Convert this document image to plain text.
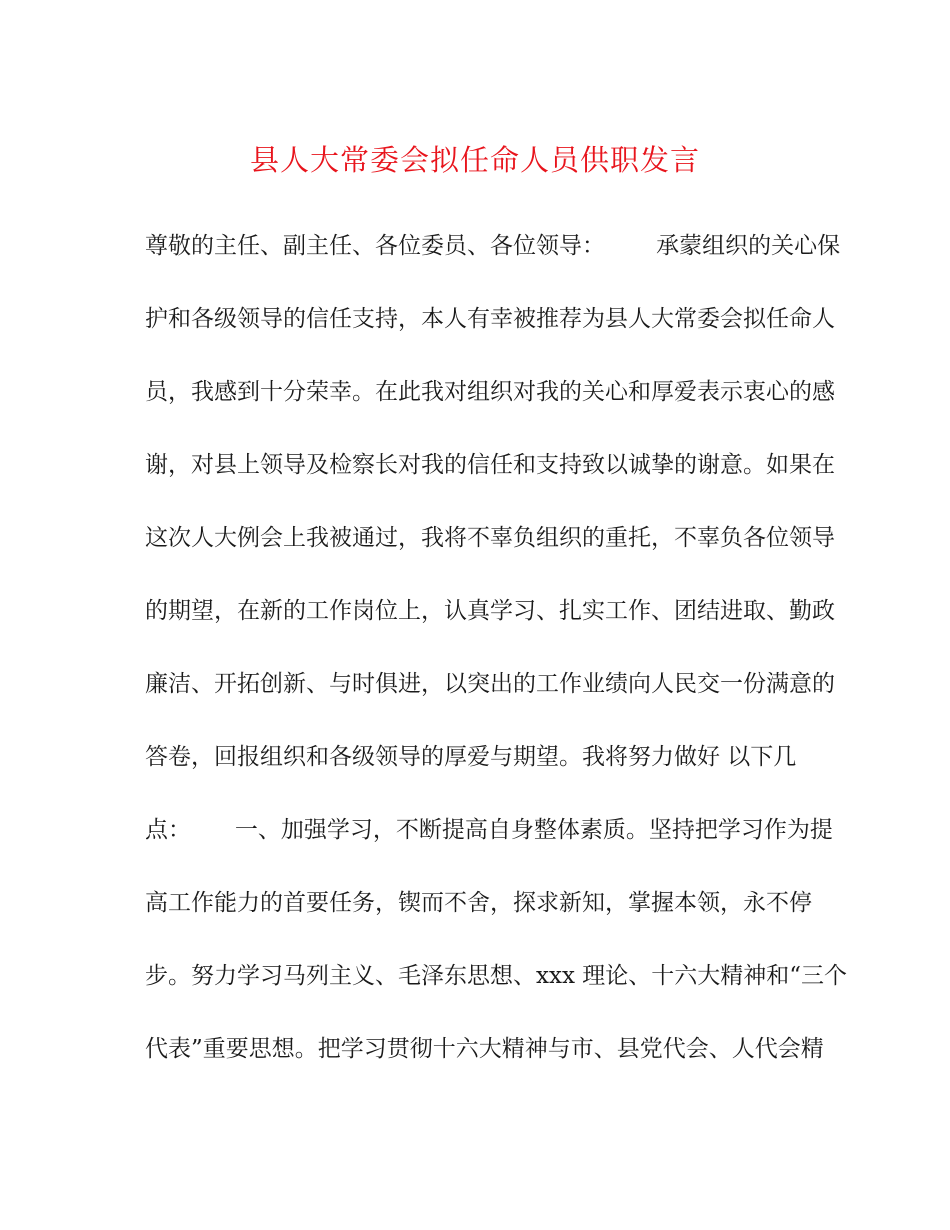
县人大常委会拟任命人员供职发言
尊敬的主任、副主任、各位委员、各位领导：       承蒙组织的关心保
护和各级领导的信任支持，本人有幸被推荐为县人大常委会拟任命人
员，我感到十分荣幸。在此我对组织对我的关心和厚爱表示衷心的感
谢，对县上领导及检察长对我的信任和支持致以诚挚的谢意。如果在
这次人大例会上我被通过，我将不辜负组织的重托，不辜负各位领导
的期望，在新的工作岗位上，认真学习、扎实工作、团结进取、勤政
廉洁、开拓创新、与时俱进，以突出的工作业绩向人民交一份满意的
答卷，回报组织和各级领导的厚爱与期望。我将努力做好 以下几
点：      一、加强学习，不断提高自身整体素质。坚持把学习作为提
高工作能力的首要任务，锲而不舍，探求新知，掌握本领，永不停
步。努力学习马列主义、毛泽东思想、xxx 理论、十六大精神和“三个
代表”重要思想。把学习贯彻十六大精神与市、县党代会、人代会精
